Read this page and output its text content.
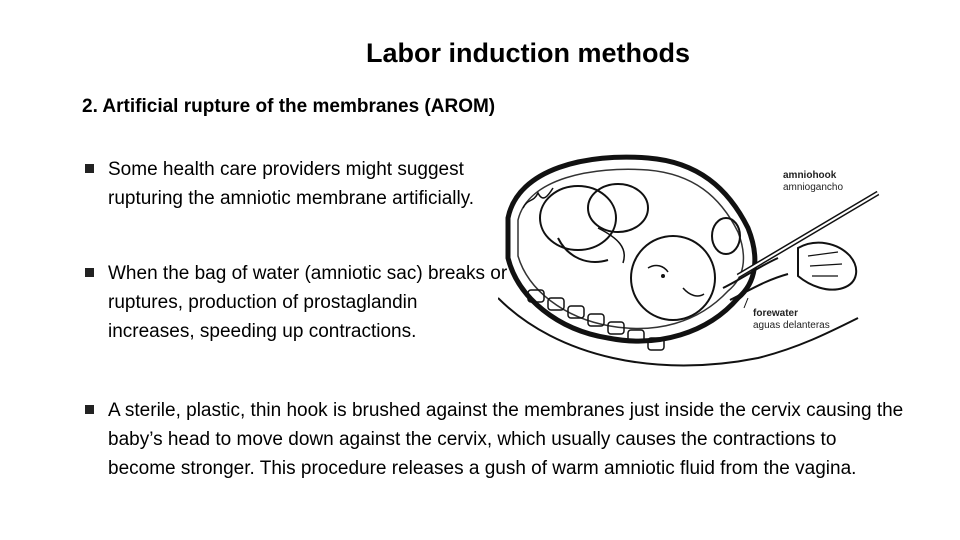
Labor induction methods
2. Artificial rupture of the membranes (AROM)
Some health care providers might suggest rupturing the amniotic membrane artificially.
When the bag of water (amniotic sac) breaks or ruptures, production of prostaglandin increases, speeding up contractions.
A sterile, plastic, thin hook is brushed against the membranes just inside the cervix causing the baby’s head to move down against the cervix, which usually causes the contractions to become stronger. This procedure releases a gush of warm amniotic fluid from the vagina.
amniohook
amniogancho
forewater
aguas delanteras
